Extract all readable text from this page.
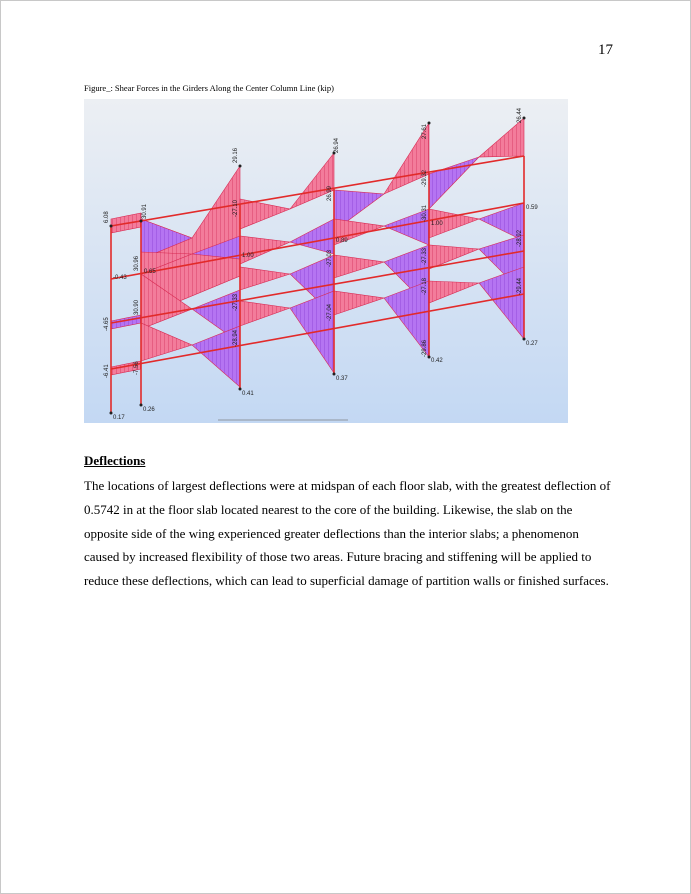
17
Figure_: Shear Forces in the Girders Along the Center Column Line (kip)
6.08	30.91
29.16
26.94
27.61
26.44
-27.10
26.99
-29.32
0.59
-0.43
30.96
0.65
1.00
0.89
-27.03
-30.31
1.00
-28.92
-4.65
30.90	-27.33
-27.04
-27.18
-27.33
-29.44
-6.41	-7.56
-28.94
-29.86
0.42
0.27
0.17
0.26
0.41
0.37
Deflections

The locations of largest deflections were at midspan of each floor slab, with the greatest deflection of 0.5742 in at the floor slab located nearest to the core of the building. Likewise, the slab on the opposite side of the wing experienced greater deflections than the interior slabs; a phenomenon caused by increased flexibility of those two areas. Future bracing and stiffening will be applied to reduce these deflections, which can lead to superficial damage of partition walls or finished surfaces.
